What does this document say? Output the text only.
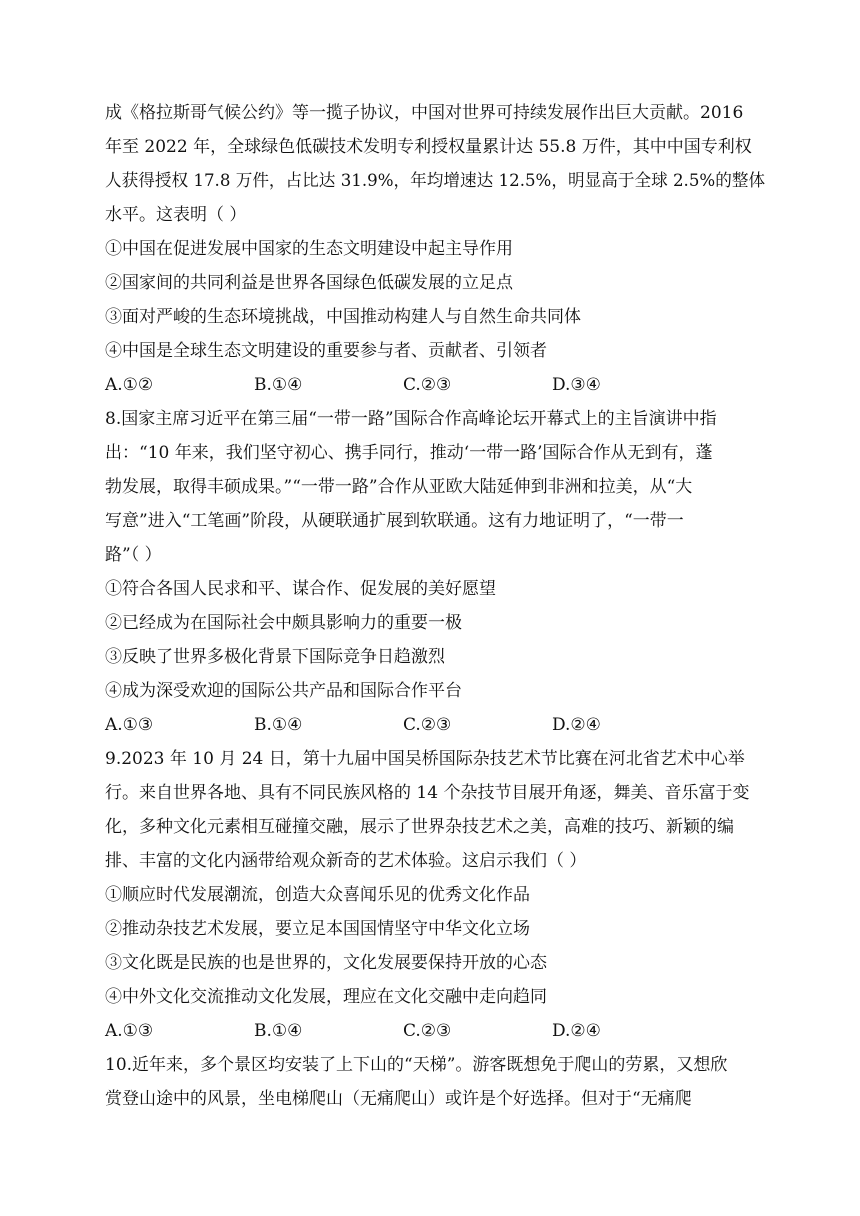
成《格拉斯哥气候公约》等一揽子协议，中国对世界可持续发展作出巨大贡献。2016
年至 2022 年，全球绿色低碳技术发明专利授权量累计达 55.8 万件，其中中国专利权
人获得授权 17.8 万件，占比达 31.9%，年均增速达 12.5%，明显高于全球 2.5%的整体
水平。这表明（ ）
①中国在促进发展中国家的生态文明建设中起主导作用
②国家间的共同利益是世界各国绿色低碳发展的立足点
③面对严峻的生态环境挑战，中国推动构建人与自然生命共同体
④中国是全球生态文明建设的重要参与者、贡献者、引领者
A.①②	B.①④	C.②③	D.③④
8.国家主席习近平在第三届“一带一路”国际合作高峰论坛开幕式上的主旨演讲中指
出：“10 年来，我们坚守初心、携手同行，推动‘一带一路’国际合作从无到有，蓬
勃发展，取得丰硕成果。”“一带一路”合作从亚欧大陆延伸到非洲和拉美，从“大
写意”进入“工笔画”阶段，从硬联通扩展到软联通。这有力地证明了，“一带一
路”（ ）
①符合各国人民求和平、谋合作、促发展的美好愿望
②已经成为在国际社会中颇具影响力的重要一极
③反映了世界多极化背景下国际竞争日趋激烈
④成为深受欢迎的国际公共产品和国际合作平台
A.①③	B.①④	C.②③	D.②④
9.2023 年 10 月 24 日，第十九届中国吴桥国际杂技艺术节比赛在河北省艺术中心举
行。来自世界各地、具有不同民族风格的 14 个杂技节目展开角逐，舞美、音乐富于变
化，多种文化元素相互碰撞交融，展示了世界杂技艺术之美，高难的技巧、新颖的编
排、丰富的文化内涵带给观众新奇的艺术体验。这启示我们（ ）
①顺应时代发展潮流，创造大众喜闻乐见的优秀文化作品
②推动杂技艺术发展，要立足本国国情坚守中华文化立场
③文化既是民族的也是世界的，文化发展要保持开放的心态
④中外文化交流推动文化发展，理应在文化交融中走向趋同
A.①③	B.①④	C.②③	D.②④
10.近年来，多个景区均安装了上下山的“天梯”。游客既想免于爬山的劳累，又想欣
赏登山途中的风景，坐电梯爬山（无痛爬山）或许是个好选择。但对于“无痛爬
